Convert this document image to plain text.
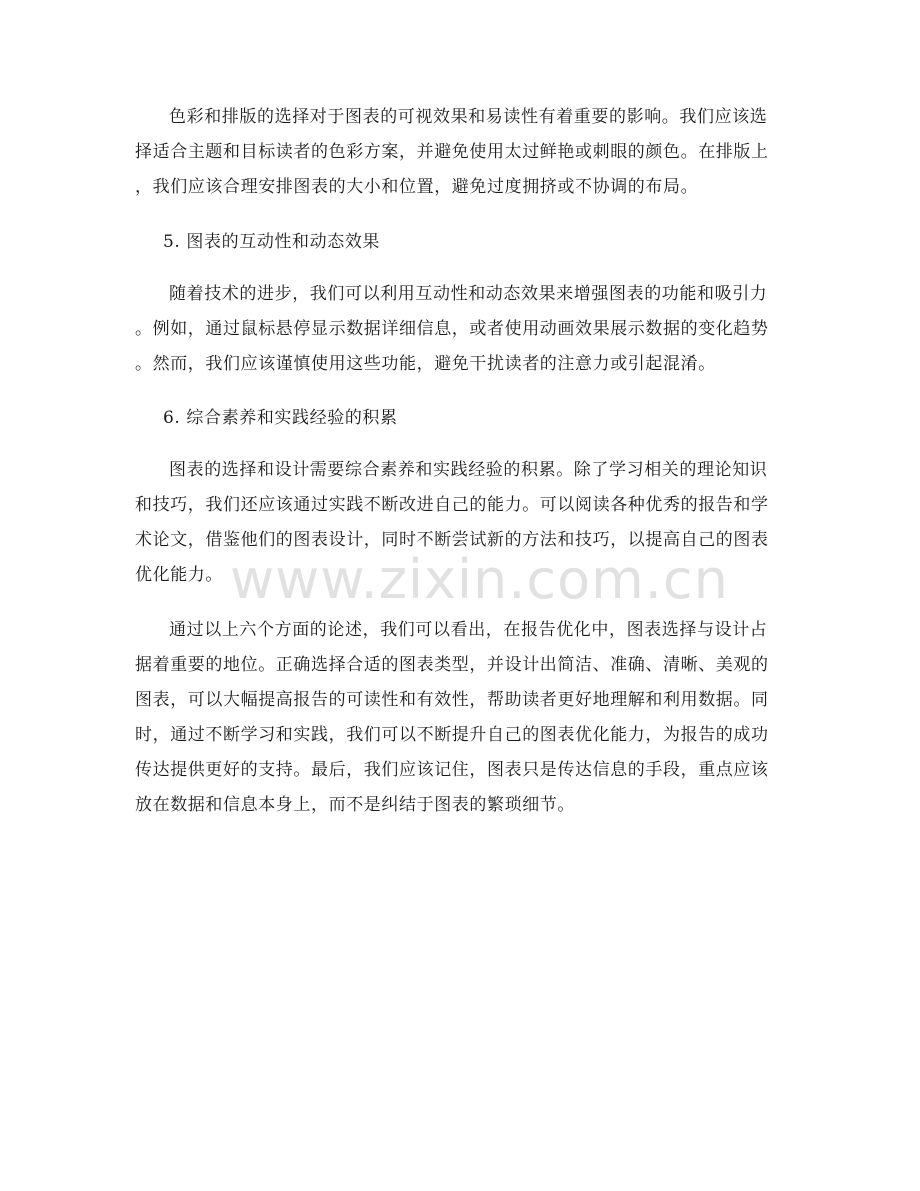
色彩和排版的选择对于图表的可视效果和易读性有着重要的影响。我们应该选
择适合主题和目标读者的色彩方案，并避免使用太过鲜艳或刺眼的颜色。在排版上
，我们应该合理安排图表的大小和位置，避免过度拥挤或不协调的布局。
5. 图表的互动性和动态效果
随着技术的进步，我们可以利用互动性和动态效果来增强图表的功能和吸引力
。例如，通过鼠标悬停显示数据详细信息，或者使用动画效果展示数据的变化趋势
。然而，我们应该谨慎使用这些功能，避免干扰读者的注意力或引起混淆。
6. 综合素养和实践经验的积累
图表的选择和设计需要综合素养和实践经验的积累。除了学习相关的理论知识
和技巧，我们还应该通过实践不断改进自己的能力。可以阅读各种优秀的报告和学
术论文，借鉴他们的图表设计，同时不断尝试新的方法和技巧，以提高自己的图表
优化能力。
通过以上六个方面的论述，我们可以看出，在报告优化中，图表选择与设计占
据着重要的地位。正确选择合适的图表类型，并设计出简洁、准确、清晰、美观的
图表，可以大幅提高报告的可读性和有效性，帮助读者更好地理解和利用数据。同
时，通过不断学习和实践，我们可以不断提升自己的图表优化能力，为报告的成功
传达提供更好的支持。最后，我们应该记住，图表只是传达信息的手段，重点应该
放在数据和信息本身上，而不是纠结于图表的繁琐细节。
www.zixin.com.cn
